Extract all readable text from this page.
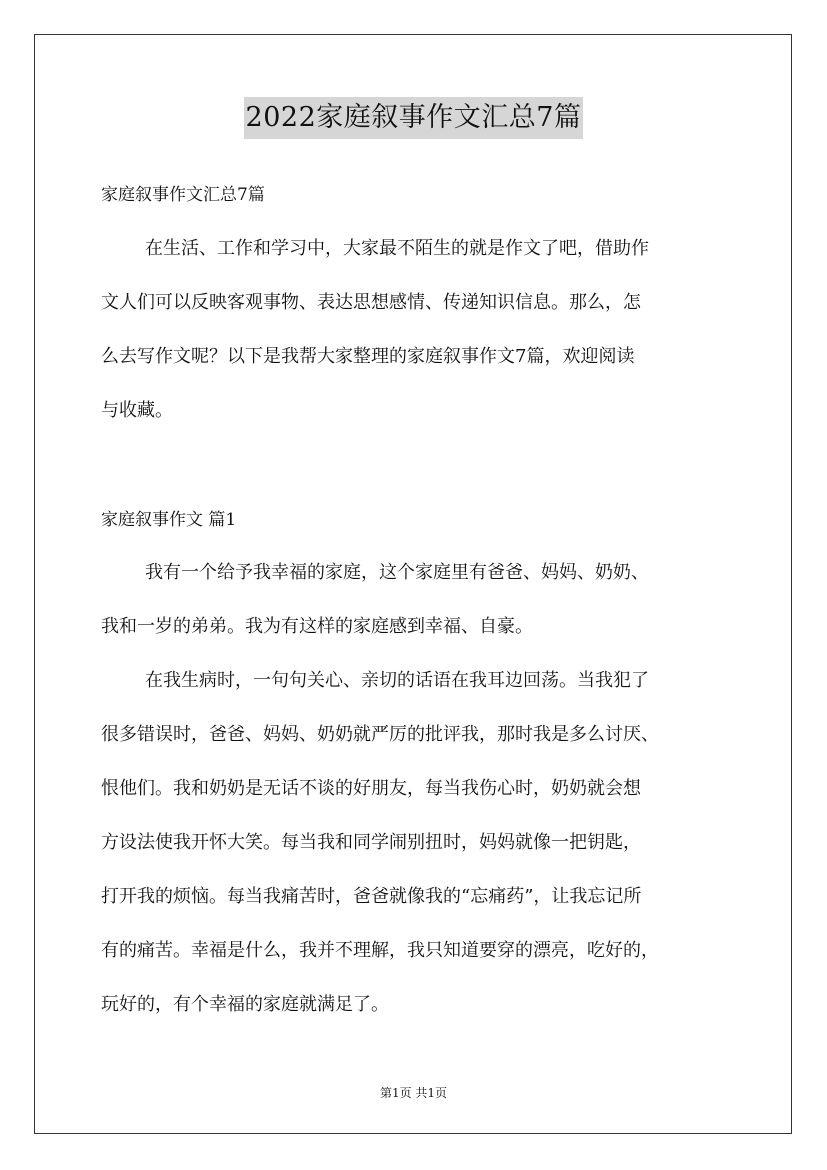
2022家庭叙事作文汇总7篇
家庭叙事作文汇总7篇
在生活、工作和学习中，大家最不陌生的就是作文了吧，借助作
文人们可以反映客观事物、表达思想感情、传递知识信息。那么，怎
么去写作文呢？以下是我帮大家整理的家庭叙事作文7篇，欢迎阅读
与收藏。
家庭叙事作文 篇1
我有一个给予我幸福的家庭，这个家庭里有爸爸、妈妈、奶奶、
我和一岁的弟弟。我为有这样的家庭感到幸福、自豪。
在我生病时，一句句关心、亲切的话语在我耳边回荡。当我犯了
很多错误时，爸爸、妈妈、奶奶就严厉的批评我，那时我是多么讨厌、
恨他们。我和奶奶是无话不谈的好朋友，每当我伤心时，奶奶就会想
方设法使我开怀大笑。每当我和同学闹别扭时，妈妈就像一把钥匙，
打开我的烦恼。每当我痛苦时，爸爸就像我的“忘痛药”，让我忘记所
有的痛苦。幸福是什么，我并不理解，我只知道要穿的漂亮，吃好的，
玩好的，有个幸福的家庭就满足了。
第1页 共1页
